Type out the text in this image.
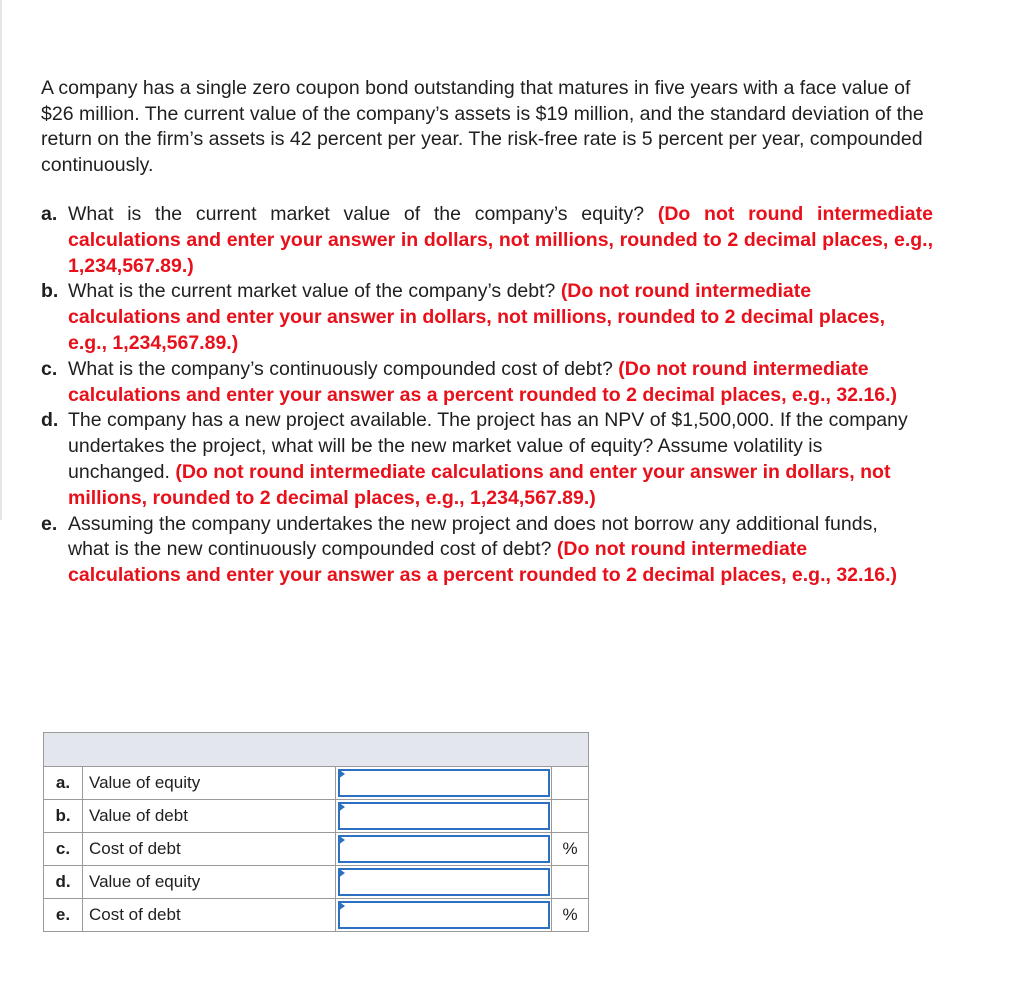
A company has a single zero coupon bond outstanding that matures in five years with a face value of $26 million. The current value of the company’s assets is $19 million, and the standard deviation of the return on the firm’s assets is 42 percent per year. The risk-free rate is 5 percent per year, compounded continuously.

a. What is the current market value of the company’s equity? (Do not round intermediate calculations and enter your answer in dollars, not millions, rounded to 2 decimal places, e.g., 1,234,567.89.)
b. What is the current market value of the company’s debt? (Do not round intermediate calculations and enter your answer in dollars, not millions, rounded to 2 decimal places, e.g., 1,234,567.89.)
c. What is the company’s continuously compounded cost of debt? (Do not round intermediate calculations and enter your answer as a percent rounded to 2 decimal places, e.g., 32.16.)
d. The company has a new project available. The project has an NPV of $1,500,000. If the company undertakes the project, what will be the new market value of equity? Assume volatility is unchanged. (Do not round intermediate calculations and enter your answer in dollars, not millions, rounded to 2 decimal places, e.g., 1,234,567.89.)
e. Assuming the company undertakes the new project and does not borrow any additional funds, what is the new continuously compounded cost of debt? (Do not round intermediate calculations and enter your answer as a percent rounded to 2 decimal places, e.g., 32.16.)

a.	Value of equity	

b.	Value of debt	

c.	Cost of debt		%
d.	Value of equity	

e.	Cost of debt		%
